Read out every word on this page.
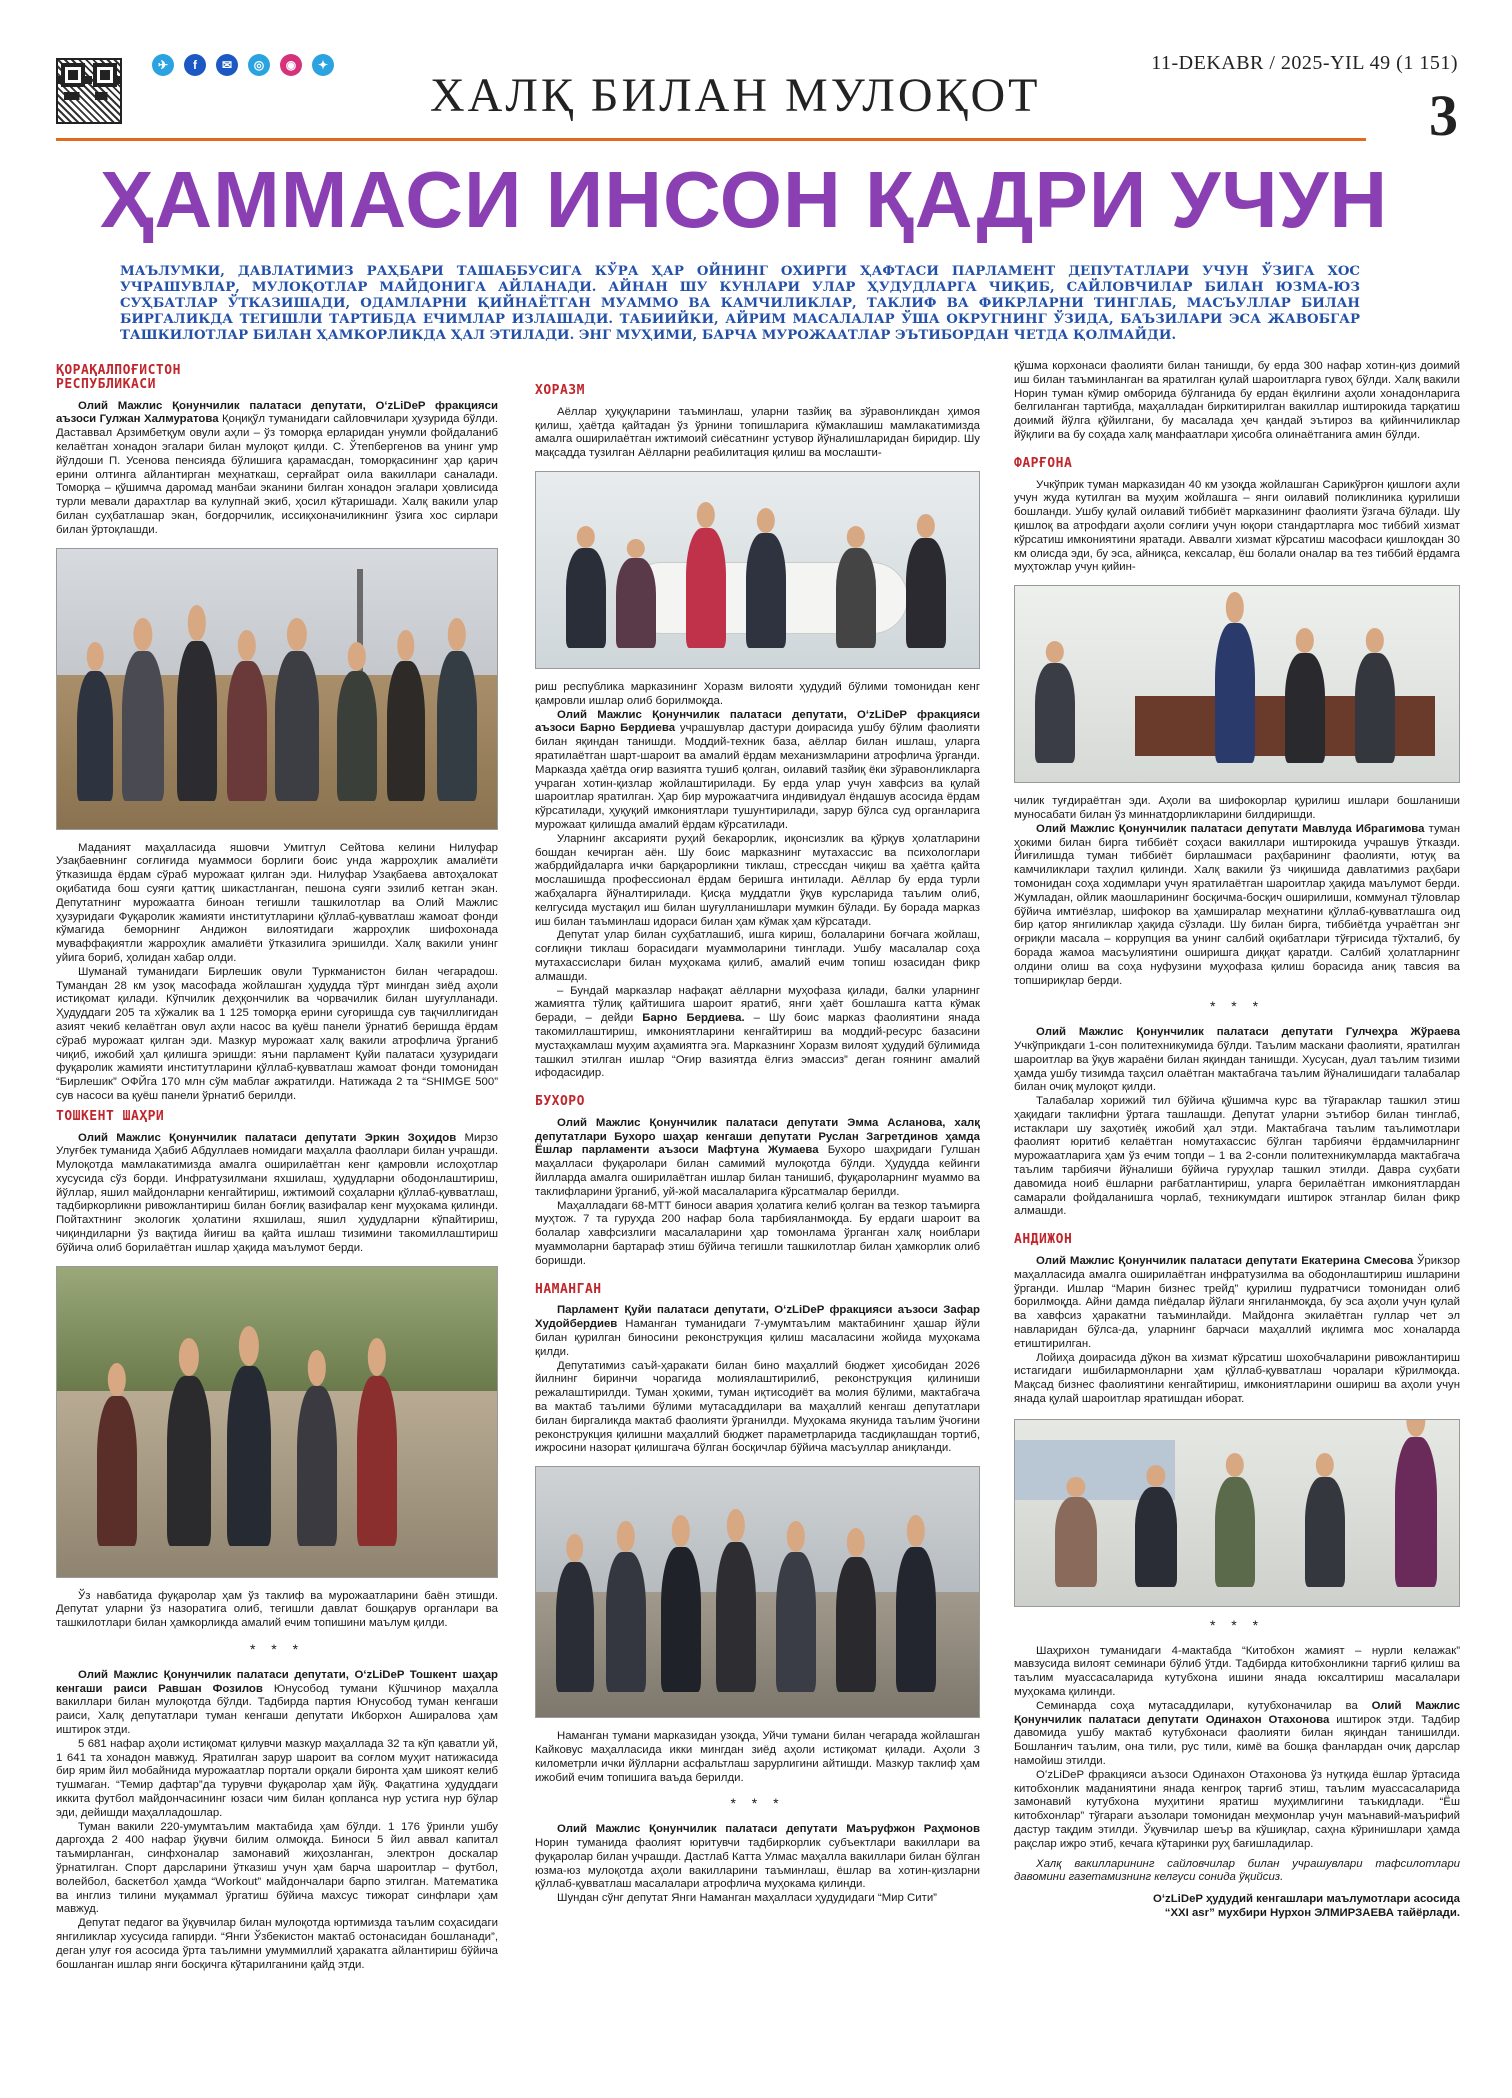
✈	f	✉	◎	◉	✦
ХАЛҚ БИЛАН МУЛОҚОТ
11-DEKABR / 2025-YIL 49 (1 151)
3
ҲАММАСИ ИНСОН ҚАДРИ УЧУН
МАЪЛУМКИ, ДАВЛАТИМИЗ РАҲБАРИ ТАШАББУСИГА КЎРА ҲАР ОЙНИНГ ОХИРГИ ҲАФТАСИ ПАРЛАМЕНТ ДЕПУТАТЛАРИ УЧУН ЎЗИГА ХОС УЧРАШУВЛАР, МУЛОҚОТЛАР МАЙДОНИГА АЙЛАНАДИ. АЙНАН ШУ КУНЛАРИ УЛАР ҲУДУДЛАРГА ЧИҚИБ, САЙЛОВЧИЛАР БИЛАН ЮЗМА-ЮЗ СУҲБАТЛАР ЎТКАЗИШАДИ, ОДАМЛАРНИ ҚИЙНАЁТГАН МУАММО ВА КАМЧИЛИКЛАР, ТАКЛИФ ВА ФИКРЛАРНИ ТИНГЛАБ, МАСЪУЛЛАР БИЛАН БИРГАЛИКДА ТЕГИШЛИ ТАРТИБДА ЕЧИМЛАР ИЗЛАШАДИ. ТАБИИЙКИ, АЙРИМ МАСАЛАЛАР ЎША ОКРУГНИНГ ЎЗИДА, БАЪЗИЛАРИ ЭСА ЖАВОБГАР ТАШКИЛОТЛАР БИЛАН ҲАМКОРЛИКДА ҲАЛ ЭТИЛАДИ. ЭНГ МУҲИМИ, БАРЧА МУРОЖААТЛАР ЭЪТИБОРДАН ЧЕТДА ҚОЛМАЙДИ.
ҚОРАҚАЛПОҒИСТОН РЕСПУБЛИКАСИ

Олий Мажлис Қонунчилик палатаси депутати, OʻzLiDeP фракцияси аъзоси Гулжан Халмуратова Қоңиқўл туманидаги сайловчилари ҳузурида бўлди. Даставвал Арзимбетқум овули аҳли – ўз томорқа ерларидан унумли фойдаланиб келаётган хонадон эгалари билан мулоқот қилди. С. Ўтепбергенов ва унинг умр йўлдоши П. Усенова пенсияда бўлишига қарамасдан, томорқасининг ҳар қарич ерини олтинга айлантирган меҳнаткаш, серғайрат оила вакиллари саналади. Томорқа – қўшимча даромад манбаи эканини билган хонадон эгалари ҳовлисида турли мевали дарахтлар ва кулупнай экиб, ҳосил кўтаришади. Халқ вакили улар билан суҳбатлашар экан, боғдорчилик, иссиқхоначиликнинг ўзига хос сирлари билан ўртоқлашди.

Маданият маҳалласида яшовчи Умитгул Сейтова келини Нилуфар Узақбаевнинг соғлиғида муаммоси борлиги боис унда жарроҳлик амалиёти ўтказишда ёрдам сўраб мурожаат қилган эди. Нилуфар Узақбаева автоҳалокат оқибатида бош суяги қаттиқ шикастланган, пешона суяги эзилиб кетган экан. Депутатнинг мурожаатга биноан тегишли ташкилотлар ва Олий Мажлис ҳузуридаги Фуқаролик жамияти институтларини қўллаб-қувватлаш жамоат фонди кўмагида беморнинг Андижон вилоятидаги жарроҳлик шифохонада муваффақиятли жарроҳлик амалиёти ўтказилига эришилди. Халқ вакили унинг уйига бориб, ҳолидан хабар олди.

Шуманай туманидаги Бирлешик овули Туркманистон билан чегарадош. Тумандан 28 км узоқ масофада жойлашган ҳудудда тўрт мингдан зиёд аҳоли истиқомат қилади. Кўпчилик деҳқончилик ва чорвачилик билан шуғулланади. Ҳудуддаги 205 та хўжалик ва 1 125 томорқа ерини суғоришда сув тақчиллигидан азият чекиб келаётган овул аҳли насос ва қуёш панели ўрнатиб беришда ёрдам сўраб мурожаат қилган эди. Мазкур мурожаат халқ вакили атрофлича ўрганиб чиқиб, ижобий ҳал қилишга эришди: яъни парламент Қуйи палатаси ҳузуридаги фуқаролик жамияти институтларини қўллаб-қувватлаш жамоат фонди томонидан “Бирлешик” ОФЙга 170 млн сўм маблағ ажратилди. Натижада 2 та “SHIMGE 500” сув насоси ва қуёш панели ўрнатиб берилди.

ТОШКЕНТ ШАҲРИ

Олий Мажлис Қонунчилик палатаси депутати Эркин Зоҳидов Мирзо Улуғбек туманида Ҳабиб Абдуллаев номидаги маҳалла фаоллари билан учрашди. Мулоқотда мамлакатимизда амалга оширилаётган кенг қамровли ислоҳотлар хусусида сўз борди. Инфратузилмани яхшилаш, ҳудудларни ободонлаштириш, йўллар, яшил майдонларни кенгайтириш, ижтимоий соҳаларни қўллаб-қувватлаш, тадбиркорликни ривожлантириш билан боғлиқ вазифалар кенг муҳокама қилинди. Пойтахтнинг экологик ҳолатини яхшилаш, яшил ҳудудларни кўпайтириш, чиқиндиларни ўз вақтида йиғиш ва қайта ишлаш тизимини такомиллаштириш бўйича олиб борилаётган ишлар ҳақида маълумот берди.

Ўз навбатида фуқаролар ҳам ўз таклиф ва мурожаатларини баён этишди. Депутат уларни ўз назоратига олиб, тегишли давлат бошқарув органлари ва ташкилотлари билан ҳамкорликда амалий ечим топишини маълум қилди.

* * *

Олий Мажлис Қонунчилик палатаси депутати, OʻzLiDeP Тошкент шаҳар кенгаши раиси Равшан Фозилов Юнусобод тумани Кўшчинор маҳалла вакиллари билан мулоқотда бўлди. Тадбирда партия Юнусобод туман кенгаши раиси, Халқ депутатлари туман кенгаши депутати Икборхон Аширалова ҳам иштирок этди.

5 681 нафар аҳоли истиқомат қилувчи мазкур маҳаллада 32 та кўп қаватли уй, 1 641 та хонадон мавжуд. Яратилган зарур шароит ва соғлом муҳит натижасида бир ярим йил мобайнида мурожаатлар портали орқали биронта ҳам шикоят келиб тушмаган. “Темир дафтар”да турувчи фуқаролар ҳам йўқ. Фақатгина ҳудуддаги иккита футбол майдончасининг юзаси чим билан қопланса нур устига нур бўлар эди, дейишди маҳалладошлар.

Туман вакили 220-умумтаълим мактабида ҳам бўлди. 1 176 ўринли ушбу даргоҳда 2 400 нафар ўқувчи билим олмоқда. Биноси 5 йил аввал капитал таъмирланган, синфхоналар замонавий жиҳозланган, электрон доскалар ўрнатилган. Спорт дарсларини ўтказиш учун ҳам барча шароитлар – футбол, волейбол, баскетбол ҳамда “Workout” майдончалари барпо этилган. Математика ва инглиз тилини муқаммал ўргатиш бўйича махсус тижорат синфлари ҳам мавжуд.

Депутат педагог ва ўқувчилар билан мулоқотда юртимизда таълим соҳасидаги янгиликлар хусусида гапирди. “Янги Ўзбекистон мактаб остонасидан бошланади”, деган улуғ ғоя асосида ўрта таълимни умуммиллий ҳаракатга айлантириш бўйича бошланган ишлар янги босқичга кўтарилганини қайд этди.

ХОРАЗМ

Аёллар ҳуқуқларини таъминлаш, уларни тазйиқ ва зўравонликдан ҳимоя қилиш, ҳаётда қайтадан ўз ўрнини топишларига кўмаклашиш мамлакатимизда амалга оширилаётган ижтимоий сиёсатнинг устувор йўналишларидан биридир. Шу мақсадда тузилган Аёлларни реабилитация қилиш ва мослашти-

риш республика марказининг Хоразм вилояти ҳудудий бўлими томонидан кенг қамровли ишлар олиб борилмоқда.

Олий Мажлис Қонунчилик палатаси депутати, OʻzLiDeP фракцияси аъзоси Барно Бердиева учрашувлар дастури доирасида ушбу бўлим фаолияти билан яқиндан танишди. Моддий-техник база, аёллар билан ишлаш, уларга яратилаётган шарт-шароит ва амалий ёрдам механизмларини атрофлича ўрганди. Марказда ҳаётда оғир вазиятга тушиб қолган, оилавий тазйиқ ёки зўравонликларга учраган хотин-қизлар жойлаштирилади. Бу ерда улар учун хавфсиз ва қулай шароитлар яратилган. Ҳар бир мурожаатчига индивидуал ёндашув асосида ёрдам кўрсатилади, ҳуқуқий имкониятлари тушунтирилади, зарур бўлса суд органларига мурожаат қилишда амалий ёрдам кўрсатилади.

Уларнинг аксарияти руҳий бекарорлик, иқонсизлик ва қўрқув ҳолатларини бошдан кечирган аён. Шу боис марказнинг мутахассис ва психологлари жабрдийдаларга ички барқарорликни тиклаш, стрессдан чиқиш ва ҳаётга қайта мослашишда профессионал ёрдам беришга интилади. Аёллар бу ерда турли жабҳаларга йўналтирилади. Қисқа муддатли ўқув курсларида таълим олиб, келгусида мустақил иш билан шуғулланишлари мумкин бўлади. Бу борада марказ иш билан таъминлаш идораси билан ҳам кўмак ҳам кўрсатади.

Депутат улар билан суҳбатлашиб, ишга кириш, болаларини боғчага жойлаш, соғлиқни тиклаш борасидаги муаммоларини тинглади. Ушбу масалалар соҳа мутахассислари билан муҳокама қилиб, амалий ечим топиш юзасидан фикр алмашди.

– Бундай марказлар нафақат аёлларни муҳофаза қилади, балки уларнинг жамиятга тўлиқ қайтишига шароит яратиб, янги ҳаёт бошлашга катта кўмак беради, – дейди Барно Бердиева. – Шу боис марказ фаолиятини янада такомиллаштириш, имкониятларини кенгайтириш ва моддий-ресурс базасини мустаҳкамлаш муҳим аҳамиятга эга. Марказнинг Хоразм вилоят ҳудудий бўлимида ташкил этилган ишлар “Оғир вазиятда ёлғиз эмассиз” деган гоянинг амалий ифодасидир.

БУХОРО

Олий Мажлис Қонунчилик палатаси депутати Эмма Асланова, халқ депутатлари Бухоро шаҳар кенгаши депутати Руслан Загретдинов ҳамда Ёшлар парламенти аъзоси Мафтуна Жумаева Бухоро шаҳридаги Гулшан маҳалласи фуқаролари билан самимий мулоқотда бўлди. Ҳудудда кейинги йиллардa амалга оширилаётган ишлар билан танишиб, фуқароларнинг муаммо ва таклифларини ўрганиб, уй-жой масалаларига кўрсатмалар берилди.

Маҳалладаги 68-МТТ биноси авария ҳолатига келиб қолган ва тезкор таъмирга муҳтож. 7 та гуруҳда 200 нафар бола тарбияланмоқда. Бу ердаги шароит ва болалар хавфсизлиги масалаларини ҳар томонлама ўрганган халқ ноиблари муаммоларни бартараф этиш бўйича тегишли ташкилотлар билан ҳамкорлик олиб боришди.

НАМАНГАН

Парламент Қуйи палатаси депутати, OʻzLiDeP фракцияси аъзоси Зафар Худойбердиев Наманган туманидаги 7-умумтаълим мактабининг ҳашар йўли билан қурилган биносини реконструкция қилиш масаласини жойида муҳокама қилди.

Депутатимиз саъй-ҳаракати билан бино маҳаллий бюджет ҳисобидан 2026 йилнинг биринчи чорагида молиялаштирилиб, реконструкция қилиниши режалаштирилди. Туман ҳокими, туман иқтисодиёт ва молия бўлими, мактабгача ва мактаб таълими бўлими мутасаддилари ва маҳаллий кенгаш депутатлари билан биргаликда мактаб фаолияти ўрганилди. Муҳокама якунида таълим ўчоғини реконструкция қилишни маҳаллий бюджет параметрларида тасдиқлашдан тортиб, ижросини назорат қилишгача бўлган босқичлар бўйича масъуллар аниқланди.

Наманган тумани марказидан узоқда, Уйчи тумани билан чегарада жойлашган Кайковус маҳалласида икки мингдан зиёд аҳоли истиқомат қилади. Аҳоли 3 километрли ички йўлларни асфальтлаш зарурлигини айтишди. Мазкур таклиф ҳам ижобий ечим топишига ваъда берилди.

* * *

Олий Мажлис Қонунчилик палатаси депутати Маъруфжон Раҳмонов Норин туманида фаолият юритувчи тадбиркорлик субъектлари вакиллари ва фуқаролар билан учрашди. Дастлаб Катта Улмас маҳалла вакиллари билан бўлган юзма-юз мулоқотда аҳоли вакилларини таъминлаш, ёшлар ва хотин-қизларни қўллаб-қувватлаш масалалари атрофлича муҳокама қилинди.

Шундан сўнг депутат Янги Наманган маҳалласи ҳудудидаги “Мир Сити”

қўшма корхонаси фаолияти билан танишди, бу ерда 300 нафар хотин-қиз доимий иш билан таъминланган ва яратилган қулай шароитларга гувоҳ бўлди. Халқ вакили Норин туман кўмир омборида бўлганида бу ердан ёқилғини аҳоли хонадонларига белгиланган тартибда, маҳалладан биркитирилган вакиллар иштирокида тарқатиш доимий йўлга қўйилгани, бу масалада ҳеч қандай эътироз ва қийинчиликлар йўқлиги ва бу соҳада халқ манфаатлари ҳисобга олинаётганига амин бўлди.

ФАРҒОНА

Учкўприк туман марказидан 40 км узоқда жойлашган Сарикўрғон қишлоғи аҳли учун жуда кутилган ва муҳим жойлашга – янги оилавий поликлиника қурилиши бошланди. Ушбу қулай оилавий тиббиёт марказининг фаолияти ўзгача бўлади. Шу қишлоқ ва атрофдаги аҳоли соғлиғи учун юқори стандартларга мос тиббий хизмат кўрсатиш имкониятини яратади. Аввалги хизмат кўрсатиш масофаси қишлоқдан 30 км олисда эди, бу эса, айниқса, кексалар, ёш болали оналар ва тез тиббий ёрдамга муҳтожлар учун қийин-

чилик туғдираётган эди. Аҳоли ва шифокорлар қурилиш ишлари бошланиши муносабати билан ўз миннатдорликларини билдиришди.

Олий Мажлис Қонунчилик палатаси депутати Мавлуда Ибрагимова туман ҳокими билан бирга тиббиёт соҳаси вакиллари иштирокида учрашув ўтказди. Йиғилишда туман тиббиёт бирлашмаси раҳбарининг фаолияти, ютуқ ва камчиликлари таҳлил қилинди. Халқ вакили ўз чиқишида давлатимиз раҳбари томонидан соҳа ходимлари учун яратилаётган шароитлар ҳақида маълумот берди. Жумладан, ойлик маошларининг босқичма-босқич оширилиши, коммунал тўловлар бўйича имтиёзлар, шифокор ва ҳамширалар меҳнатини қўллаб-қувватлашга оид бир қатор янгиликлар ҳақида сўзлади. Шу билан бирга, тиббиётда учраётган энг оғриқли масала – коррупция ва унинг салбий оқибатлари тўғрисида тўхталиб, бу борада жамоа масъулиятини оширишга диққат қаратди. Салбий ҳолатларнинг олдини олиш ва соҳа нуфузини муҳофаза қилиш борасида аниқ тавсия ва топшириқлар берди.

* * *

Олий Мажлис Қонунчилик палатаси депутати Гулчеҳра Жўраева Учкўприкдаги 1-сон политехникумида бўлди. Таълим маскани фаолияти, яратилган шароитлар ва ўқув жараёни билан яқиндан танишди. Хусусан, дуал таълим тизими ҳамда ушбу тизимда таҳсил олаётган мактабгача таълим йўналишидаги талабалар билан очиқ мулоқот қилди.

Талабалар хорижий тил бўйича қўшимча курс ва тўгараклар ташкил этиш ҳақидаги таклифни ўртага ташлашди. Депутат уларни эътибор билан тинглаб, истаклари шу заҳотиёқ ижобий ҳал этди. Мактабгача таълим таълимотлари фаолият юритиб келаётган номутахассис бўлган тарбиячи ёрдамчиларнинг мурожаатларига ҳам ўз ечим топди – 1 ва 2-сонли политехникумларда мактабгача таълим тарбиячи йўналиши бўйича гуруҳлар ташкил этилди. Давра суҳбати давомида ноиб ёшларни рағбатлантириш, уларга берилаётган имкониятлардан самарали фойдаланишга чорлаб, техникумдаги иштирок этганлар билан фикр алмашди.

АНДИЖОН

Олий Мажлис Қонунчилик палатаси депутати Екатерина Смесова Ўрикзор маҳалласида амалга оширилаётган инфратузилма ва ободонлаштириш ишларини ўрганди. Ишлар “Марин бизнес трейд” қурилиш пудратчиси томонидан олиб борилмоқда. Айни дамда пиёдалар йўлаги янгиланмоқда, бу эса аҳоли учун қулай ва хавфсиз ҳаракатни таъминлайди. Майдонга экилаётган гуллар чет эл навларидан бўлса-да, уларнинг барчаси маҳаллий иқлимга мос хоналарда етиштирилган.

Лойиҳа доирасида дўкон ва хизмат кўрсатиш шохобчаларини ривожлантириш истагидаги ишбилармонларни ҳам қўллаб-қувватлаш чоралари кўрилмоқда. Мақсад бизнес фаолиятини кенгайтириш, имкониятларини ошириш ва аҳоли учун янада қулай шароитлар яратишдан иборат.

* * *

Шаҳрихон туманидаги 4-мактабда “Китобхон жамият – нурли келажак” мавзусида вилоят семинари бўлиб ўтди. Тадбирда китобхонликни тарғиб қилиш ва таълим муассасаларида кутубхона ишини янада юксалтириш масалалари муҳокама қилинди.

Семинарда соҳа мутасаддилари, кутубхоначилар ва Олий Мажлис Қонунчилик палатаси депутати Одинахон Отахонова иштирок этди. Тадбир давомида ушбу мактаб кутубхонаси фаолияти билан яқиндан танишилди. Бошланғич таълим, она тили, рус тили, кимё ва бошқа фанлардан очиқ дарслар намойиш этилди.

OʻzLiDeP фракцияси аъзоси Одинахон Отахонова ўз нутқида ёшлар ўртасида китобхонлик маданиятини янада кенгроқ тарғиб этиш, таълим муассасаларида замонавий кутубхона муҳитини яратиш муҳимлигини таъкидлади. “Ёш китобхонлар” тўгараги аъзолари томонидан меҳмонлар учун маънавий-маърифий дастур тақдим этилди. Ўқувчилар шеър ва кўшиқлар, саҳна кўринишлари ҳамда рақслар ижро этиб, кечага кўтаринки руҳ бағишладилар.

Халқ вакилларининг сайловчилар билан учрашувлари тафсилотлари давомини газетамизнинг келгуси сонида ўқийсиз.

OʻzLiDeP ҳудудий кенгашлари маълумотлари асосида

“XXI asr” мухбири Нурхон ЭЛМИРЗАЕВА тайёрлади.
